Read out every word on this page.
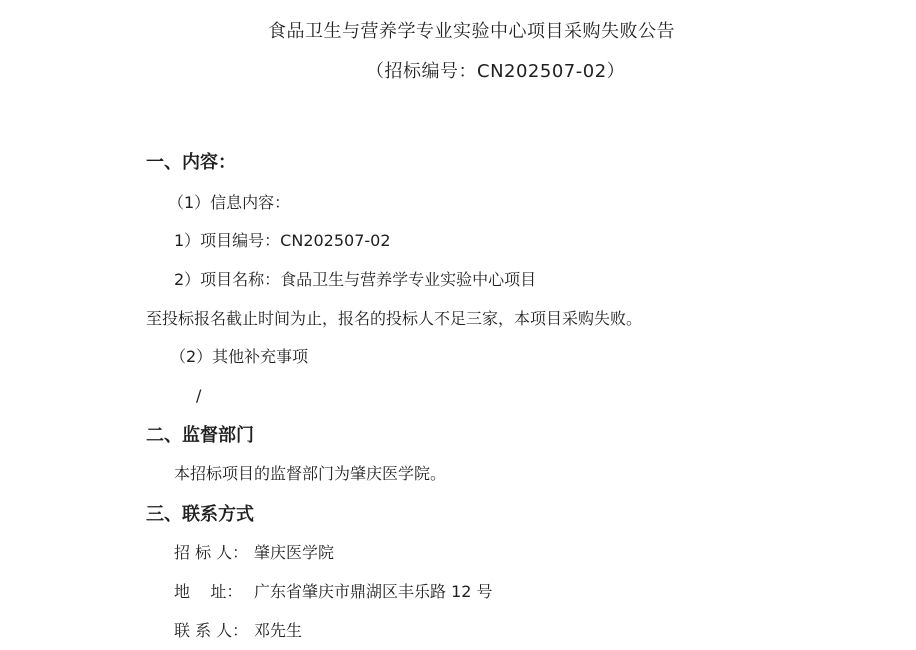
食品卫生与营养学专业实验中心项目采购失败公告
（招标编号：CN202507-02）
一、内容：
（1）信息内容：
1）项目编号：CN202507-02
2）项目名称：食品卫生与营养学专业实验中心项目
至投标报名截止时间为止，报名的投标人不足三家，本项目采购失败。
（2）其他补充事项
/
二、监督部门
本招标项目的监督部门为肇庆医学院。
三、联系方式
招 标 人： 肇庆医学院
地    址： 广东省肇庆市鼎湖区丰乐路 12 号
联 系 人： 邓先生
